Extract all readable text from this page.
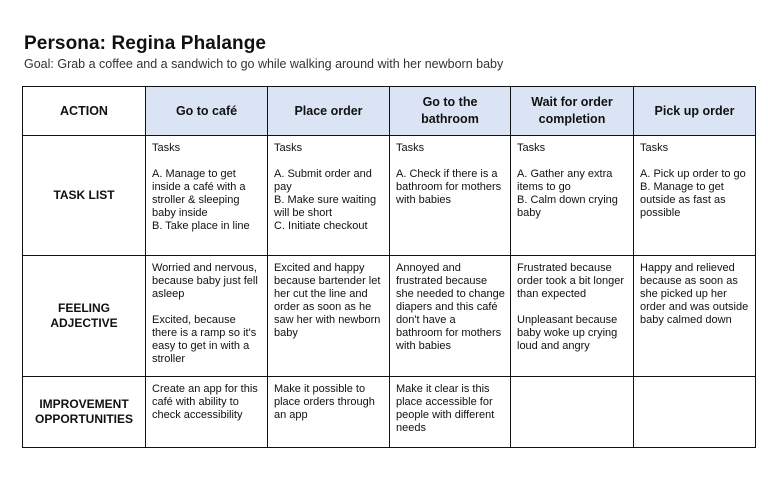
Persona: Regina Phalange
Goal: Grab a coffee and a sandwich to go while walking around with her newborn baby
ACTION	Go to café	Place order	Go to the bathroom	Wait for order completion	Pick up order
TASK LIST	Tasks

A. Manage to get inside a café with a stroller & sleeping baby inside
B. Take place in line	Tasks

A. Submit order and pay
B. Make sure waiting will be short
C. Initiate checkout	Tasks

A. Check if there is a bathroom for mothers with babies	Tasks

A. Gather any extra items to go
B. Calm down crying baby	Tasks

A. Pick up order to go
B. Manage to get outside as fast as possible
FEELING ADJECTIVE	Worried and nervous, because baby just fell asleep

Excited, because there is a ramp so it's easy to get in with a stroller	Excited and happy because bartender let her cut the line and order as soon as he saw her with newborn baby	Annoyed and frustrated because she needed to change diapers and this café don't have a bathroom for mothers with babies	Frustrated because order took a bit longer than expected

Unpleasant because baby woke up crying loud and angry	Happy and relieved because as soon as she picked up her order and was outside baby calmed down
IMPROVEMENT OPPORTUNITIES	Create an app for this café with ability to check accessibility	Make it possible to place orders through an app	Make it clear is this place accessible for people with different needs		
